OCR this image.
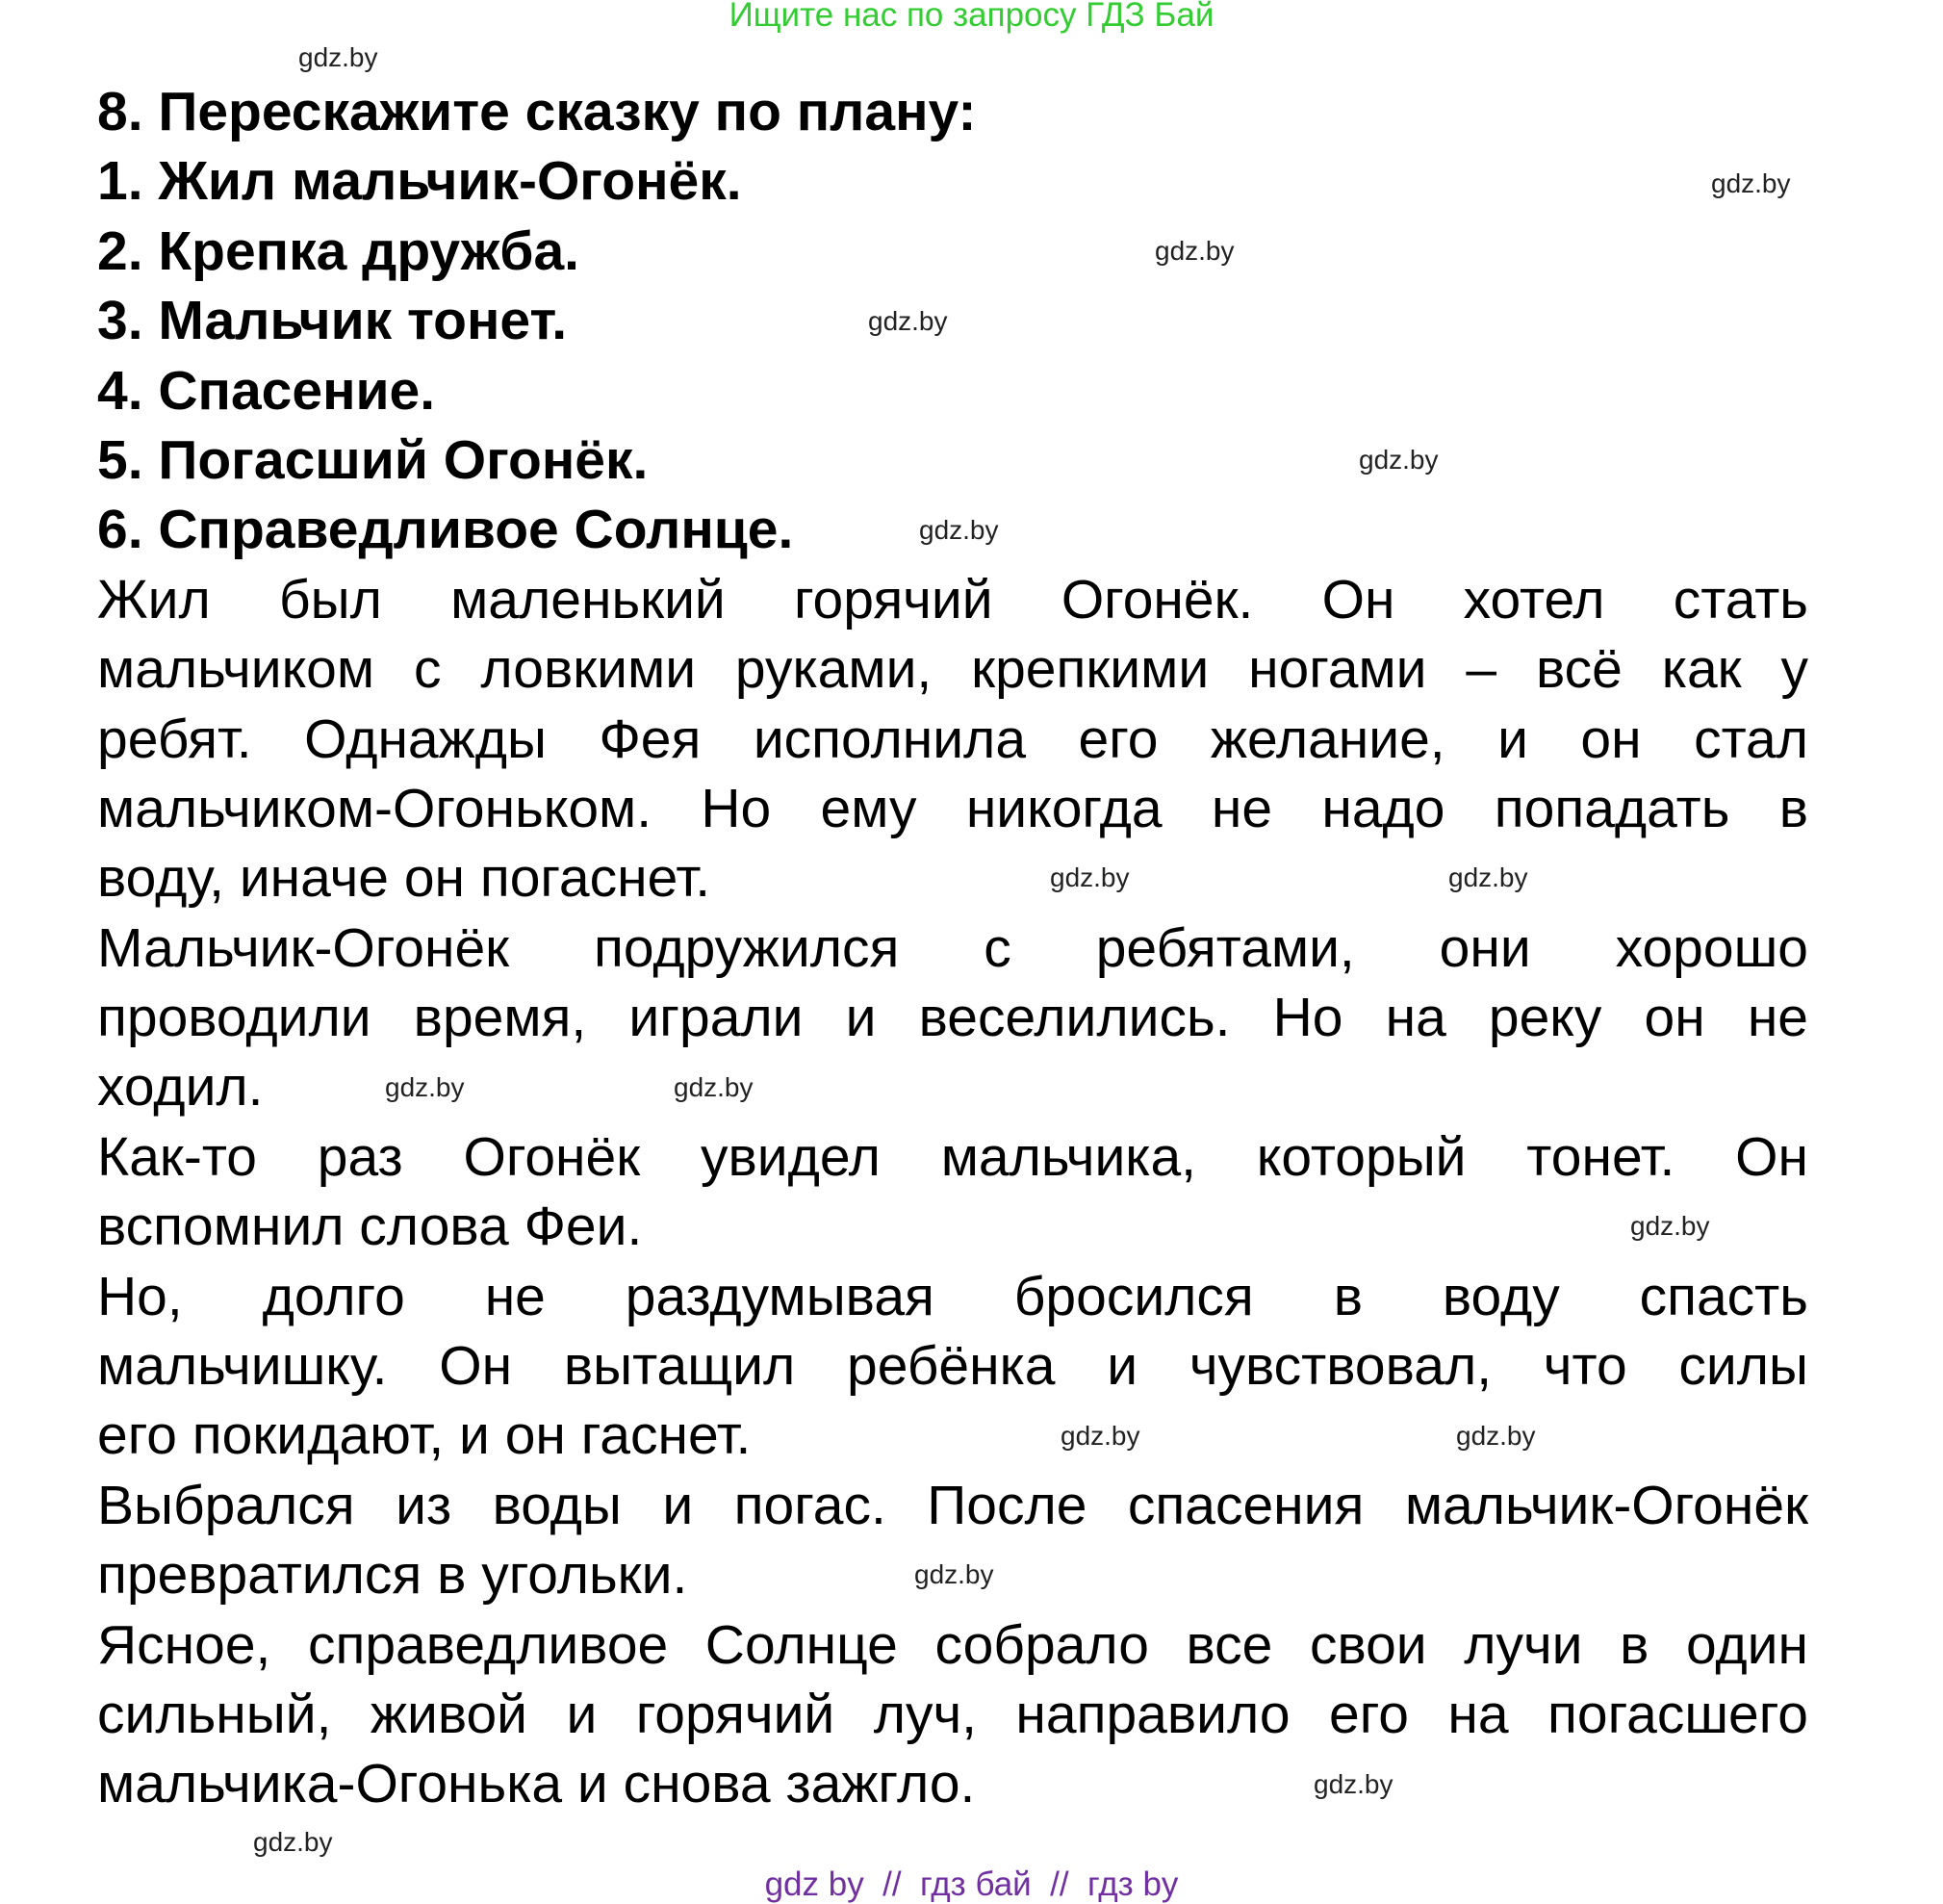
Ищите нас по запросу ГДЗ Бай
8. Перескажите сказку по плану:
1. Жил мальчик-Огонёк.
2. Крепка дружба.
3. Мальчик тонет.
4. Спасение.
5. Погасший Огонёк.
6. Справедливое Солнце.
Жил был маленький горячий Огонёк. Он хотел стать
мальчиком с ловкими руками, крепкими ногами – всё как у
ребят. Однажды Фея исполнила его желание, и он стал
мальчиком-Огоньком. Но ему никогда не надо попадать в
воду, иначе он погаснет.
Мальчик-Огонёк подружился с ребятами, они хорошо
проводили время, играли и веселились. Но на реку он не
ходил.
Как-то раз Огонёк увидел мальчика, который тонет. Он
вспомнил слова Феи.
Но, долго не раздумывая бросился в воду спасть
мальчишку. Он вытащил ребёнка и чувствовал, что силы
его покидают, и он гаснет.
Выбрался из воды и погас. После спасения мальчик-Огонёк
превратился в угольки.
Ясное, справедливое Солнце собрало все свои лучи в один
сильный, живой и горячий луч, направило его на погасшего
мальчика-Огонька и снова зажгло.
gdz.by
gdz.by
gdz.by
gdz.by
gdz.by
gdz.by
gdz.by
gdz.by
gdz.by	gdz.by
gdz.by
gdz.by	gdz.by
gdz.by
gdz.by
gdz.by
gdz by  //  гдз бай  //  гдз by
